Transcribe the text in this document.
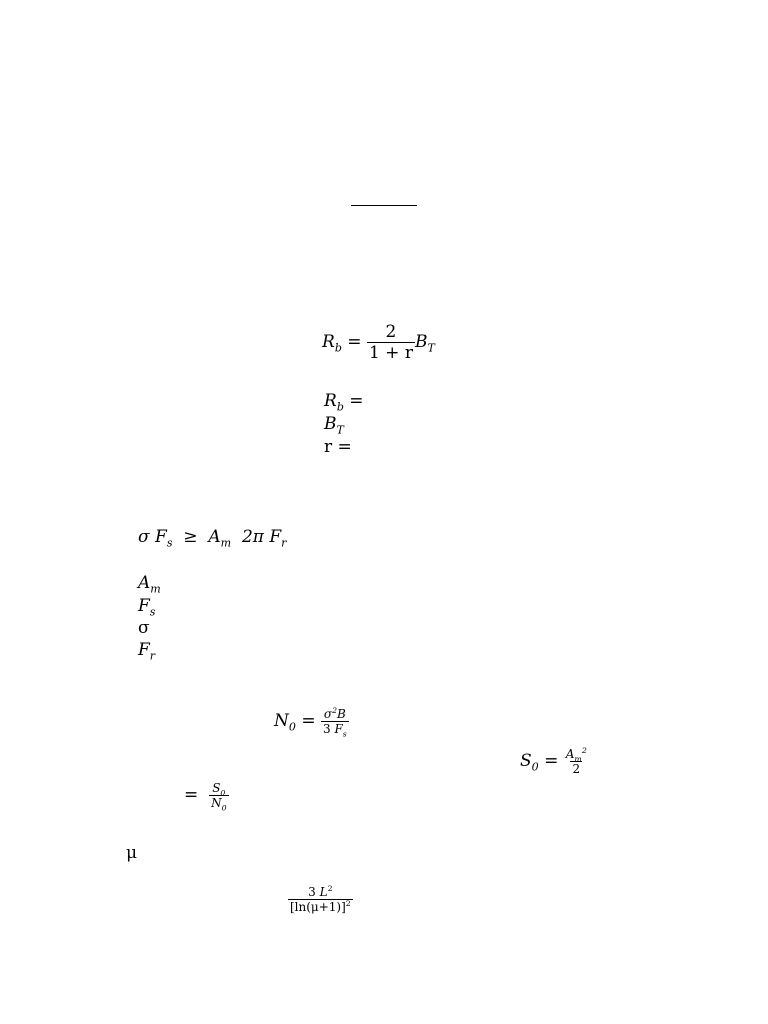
$R_b = \frac{2}{1 + r} B_T$
$R_b$ =
$B_T$
r =
σ $F_s \ge A_m$ 2π $F_r$
$A_m$
$F_s$
σ
$F_r$
$N_0 = \frac{\sigma^2B}{3 F_s}$
$S_0 = \frac{A_m^2}{2}$
= $\frac{S_0}{N_0}$
μ
$\frac{3 L^2}{[\ln(\mu+1)]^2}$
